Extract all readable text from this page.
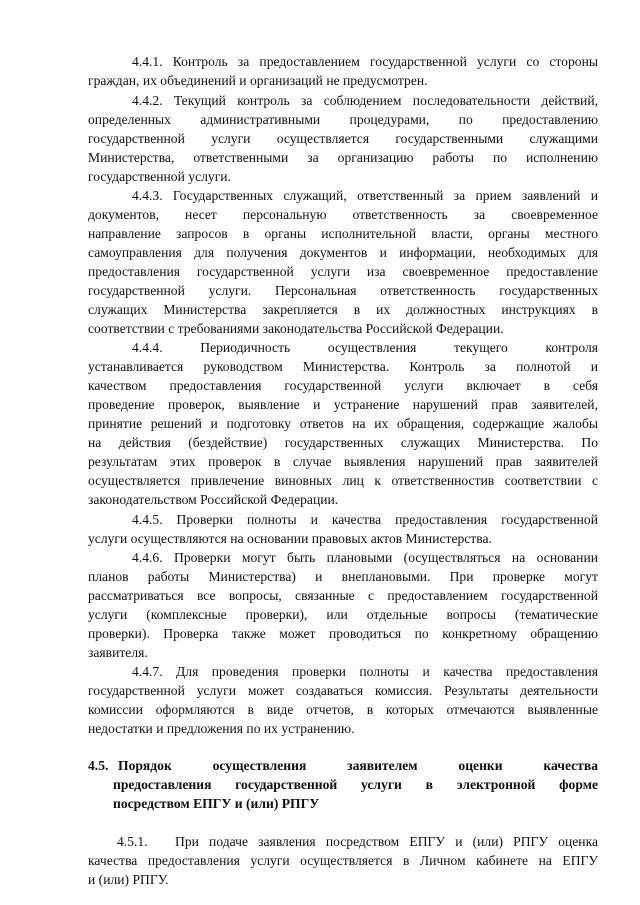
4.4.1. Контроль за предоставлением государственной услуги со стороны
граждан, их объединений и организаций не предусмотрен.
4.4.2. Текущий контроль за соблюдением последовательности действий,
определенных административными процедурами, по предоставлению
государственной услуги осуществляется государственными служащими
Министерства, ответственными за организацию работы по исполнению
государственной услуги.
4.4.3. Государственных служащий, ответственный за прием заявлений и
документов, несет персональную ответственность за своевременное
направление запросов в органы исполнительной власти, органы местного
самоуправления для получения документов и информации, необходимых для
предоставления государственной услуги иза своевременное предоставление
государственной услуги. Персональная ответственность государственных
служащих Министерства закрепляется в их должностных инструкциях в
соответствии с требованиями законодательства Российской Федерации.
4.4.4. Периодичность осуществления текущего контроля
устанавливается руководством Министерства. Контроль за полнотой и
качеством предоставления государственной услуги включает в себя
проведение проверок, выявление и устранение нарушений прав заявителей,
принятие решений и подготовку ответов на их обращения, содержащие жалобы
на действия (бездействие) государственных служащих Министерства. По
результатам этих проверок в случае выявления нарушений прав заявителей
осуществляется привлечение виновных лиц к ответственностив соответствии с
законодательством Российской Федерации.
4.4.5. Проверки полноты и качества предоставления государственной
услуги осуществляются на основании правовых актов Министерства.
4.4.6. Проверки могут быть плановыми (осуществляться на основании
планов работы Министерства) и внеплановыми. При проверке могут
рассматриваться все вопросы, связанные с предоставлением государственной
услуги (комплексные проверки), или отдельные вопросы (тематические
проверки). Проверка также может проводиться по конкретному обращению
заявителя.
4.4.7. Для проведения проверки полноты и качества предоставления
государственной услуги может создаваться комиссия. Результаты деятельности
комиссии оформляются в виде отчетов, в которых отмечаются выявленные
недостатки и предложения по их устранению.
4.5. Порядок осуществления заявителем оценки качества
предоставления государственной услуги в электронной форме
посредством ЕПГУ и (или) РПГУ
4.5.1. При подаче заявления посредством ЕПГУ и (или) РПГУ оценка
качества предоставления услуги осуществляется в Личном кабинете на ЕПГУ
и (или) РПГУ.
